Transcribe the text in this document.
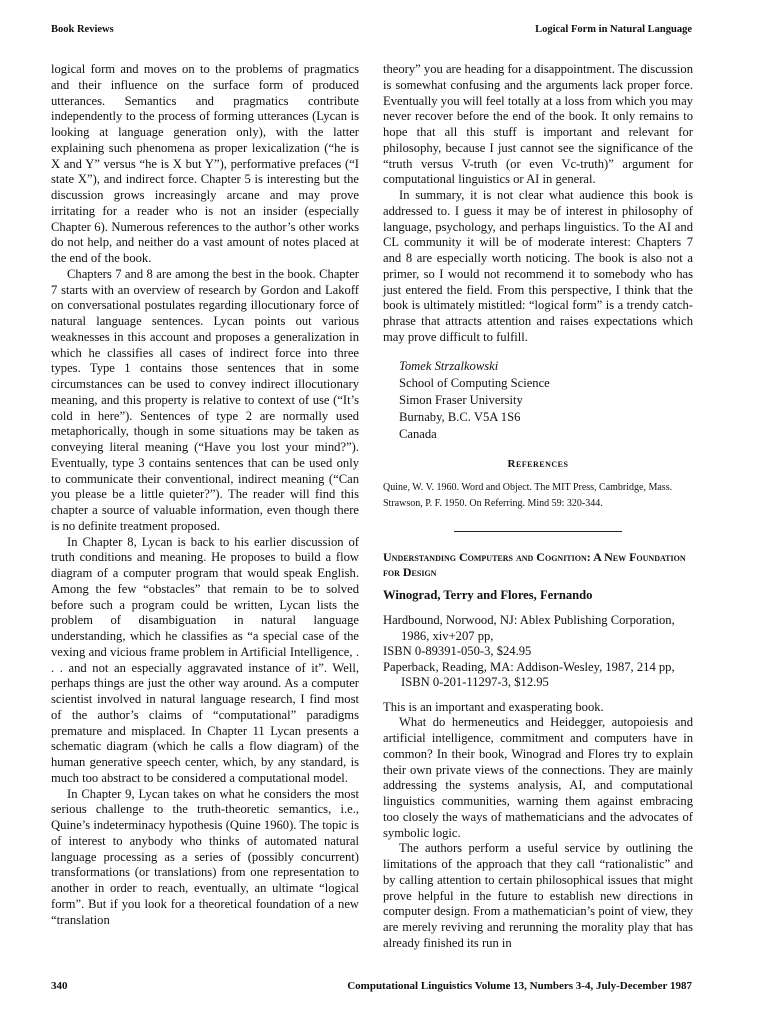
Book Reviews	Logical Form in Natural Language

logical form and moves on to the problems of pragmatics and their influence on the surface form of produced utterances. Semantics and pragmatics contribute independently to the process of forming utterances (Lycan is looking at language generation only), with the latter explaining such phenomena as proper lexicalization (“he is X and Y” versus “he is X but Y”), performative prefaces (“I state X”), and indirect force. Chapter 5 is interesting but the discussion grows increasingly arcane and may prove irritating for a reader who is not an insider (especially Chapter 6). Numerous references to the author’s other works do not help, and neither do a vast amount of notes placed at the end of the book.

Chapters 7 and 8 are among the best in the book. Chapter 7 starts with an overview of research by Gordon and Lakoff on conversational postulates regarding illocutionary force of natural language sentences. Lycan points out various weaknesses in this account and proposes a generalization in which he classifies all cases of indirect force into three types. Type 1 contains those sentences that in some circumstances can be used to convey indirect illocutionary meaning, and this property is relative to context of use (“It’s cold in here”). Sentences of type 2 are normally used metaphorically, though in some situations may be taken as conveying literal meaning (“Have you lost your mind?”). Eventually, type 3 contains sentences that can be used only to communicate their conventional, indirect meaning (“Can you please be a little quieter?”). The reader will find this chapter a source of valuable information, even though there is no definite treatment proposed.

In Chapter 8, Lycan is back to his earlier discussion of truth conditions and meaning. He proposes to build a flow diagram of a computer program that would speak English. Among the few “obstacles” that remain to be to solved before such a program could be written, Lycan lists the problem of disambiguation in natural language understanding, which he classifies as “a special case of the vexing and vicious frame problem in Artificial Intelligence, . . . and not an especially aggravated instance of it”. Well, perhaps things are just the other way around. As a computer scientist involved in natural language research, I find most of the author’s claims of “computational” paradigms premature and misplaced. In Chapter 11 Lycan presents a schematic diagram (which he calls a flow diagram) of the human generative speech center, which, by any standard, is much too abstract to be considered a computational model.

In Chapter 9, Lycan takes on what he considers the most serious challenge to the truth-theoretic semantics, i.e., Quine’s indeterminacy hypothesis (Quine 1960). The topic is of interest to anybody who thinks of automated natural language processing as a series of (possibly concurrent) transformations (or translations) from one representation to another in order to reach, eventually, an ultimate “logical form”. But if you look for a theoretical foundation of a new “translation

theory” you are heading for a disappointment. The discussion is somewhat confusing and the arguments lack proper force. Eventually you will feel totally at a loss from which you may never recover before the end of the book. It only remains to hope that all this stuff is important and relevant for philosophy, because I just cannot see the significance of the “truth versus V-truth (or even Vc-truth)” argument for computational linguistics or AI in general.

In summary, it is not clear what audience this book is addressed to. I guess it may be of interest in philosophy of language, psychology, and perhaps linguistics. To the AI and CL community it will be of moderate interest: Chapters 7 and 8 are especially worth noticing. The book is also not a primer, so I would not recommend it to somebody who has just entered the field. From this perspective, I think that the book is ultimately mistitled: “logical form” is a trendy catch-phrase that attracts attention and raises expectations which may prove difficult to fulfill.

Tomek Strzalkowski
School of Computing Science
Simon Fraser University
Burnaby, B.C. V5A 1S6
Canada
References
Quine, W. V. 1960. Word and Object. The MIT Press, Cambridge, Mass.
Strawson, P. F. 1950. On Referring. Mind 59: 320-344.
Understanding Computers and Cognition: A New Foundation for Design
Winograd, Terry and Flores, Fernando
Hardbound, Norwood, NJ: Ablex Publishing Corporation, 1986, xiv+207 pp,
ISBN 0-89391-050-3, $24.95
Paperback, Reading, MA: Addison-Wesley, 1987, 214 pp, ISBN 0-201-11297-3, $12.95

This is an important and exasperating book.

What do hermeneutics and Heidegger, autopoiesis and artificial intelligence, commitment and computers have in common? In their book, Winograd and Flores try to explain their own private views of the connections. They are mainly addressing the systems analysis, AI, and computational linguistics communities, warning them against embracing too closely the ways of mathematicians and the advocates of symbolic logic.

The authors perform a useful service by outlining the limitations of the approach that they call “rationalistic” and by calling attention to certain philosophical issues that might prove helpful in the future to establish new directions in computer design. From a mathematician’s point of view, they are merely reviving and rerunning the morality play that has already finished its run in

340	Computational Linguistics Volume 13, Numbers 3-4, July-December 1987
